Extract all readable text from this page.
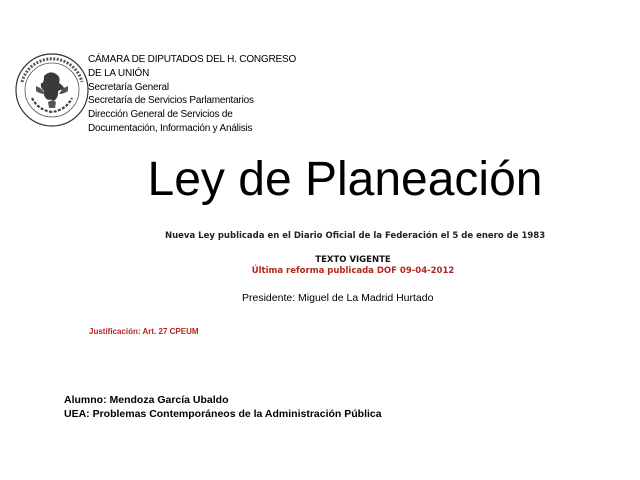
CÁMARA DE DIPUTADOS DEL H. CONGRESO
DE LA UNIÓN
Secretaría General
Secretaría de Servicios Parlamentarios
Dirección General de Servicios de
Documentación, Información y Análisis
Ley de Planeación
Nueva Ley publicada en el Diario Oficial de la Federación el 5 de enero de 1983
TEXTO VIGENTE
Última reforma publicada DOF 09-04-2012
Presidente: Miguel de La Madrid Hurtado
Justificación: Art. 27 CPEUM
Alumno: Mendoza García Ubaldo
UEA: Problemas Contemporáneos de la Administración Pública
